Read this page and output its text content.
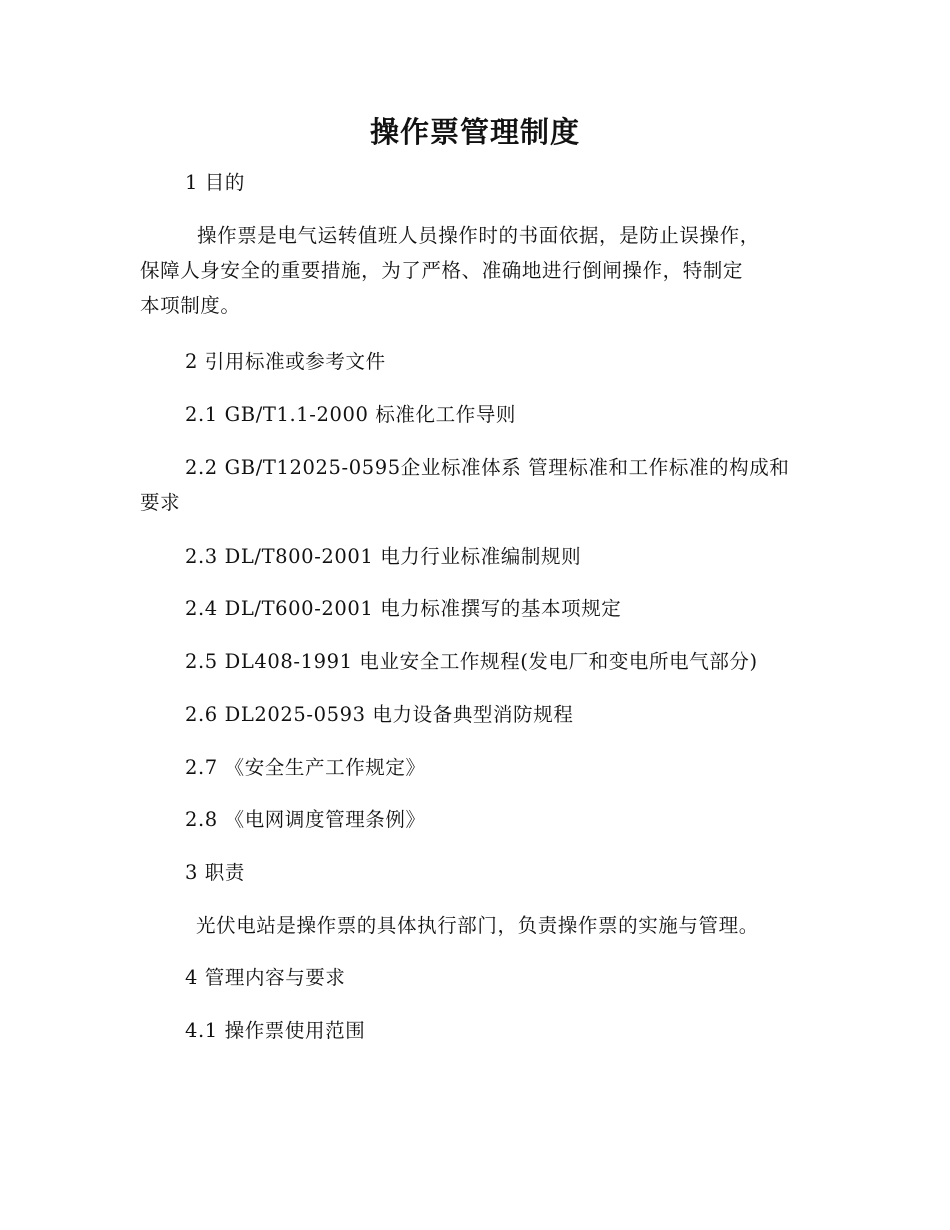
操作票管理制度
1 目的
操作票是电气运转值班人员操作时的书面依据，是防止误操作，
保障人身安全的重要措施，为了严格、准确地进行倒闸操作，特制定
本项制度。
2 引用标准或参考文件
2.1 GB/T1.1-2000 标准化工作导则
2.2 GB/T12025-0595企业标准体系 管理标准和工作标准的构成和
要求
2.3 DL/T800-2001 电力行业标准编制规则
2.4 DL/T600-2001 电力标准撰写的基本项规定
2.5 DL408-1991 电业安全工作规程(发电厂和变电所电气部分)
2.6 DL2025-0593 电力设备典型消防规程
2.7 《安全生产工作规定》
2.8 《电网调度管理条例》
3 职责
光伏电站是操作票的具体执行部门，负责操作票的实施与管理。
4 管理内容与要求
4.1 操作票使用范围
